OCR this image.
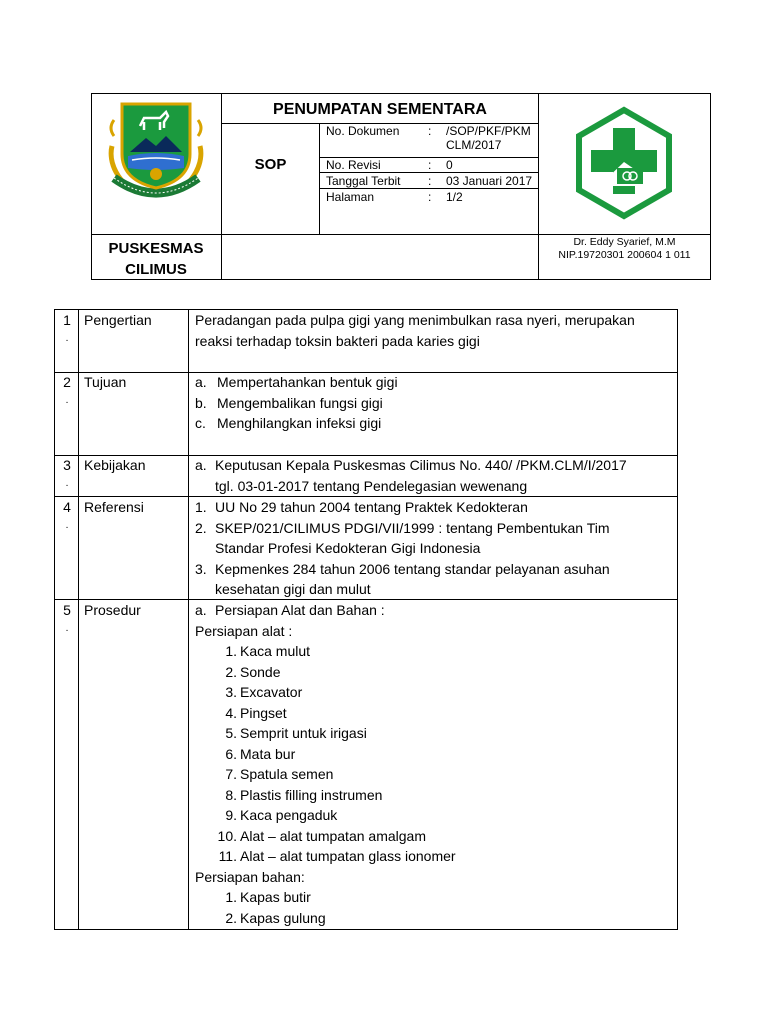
PENUMPATAN SEMENTARA
SOP
No. Dokumen : /SOP/PKF/PKM
CLM/2017
No. Revisi	: 0
Tanggal Terbit : 03 Januari 2017
Halaman	: 1/2
PUSKESMAS
CILIMUS
Dr. Eddy Syarief, M.M
NIP.19720301 200604 1 011
1
.
Pengertian	Peradangan pada pulpa gigi yang menimbulkan rasa nyeri, merupakan
reaksi terhadap toksin bakteri pada karies gigi
2
.
Tujuan	a. Mempertahankan bentuk gigi
b. Mengembalikan fungsi gigi
c. Menghilangkan infeksi gigi
3
.
Kebijakan	a. Keputusan Kepala Puskesmas Cilimus No. 440/ /PKM.CLM/I/2017
tgl. 03-01-2017 tentang Pendelegasian wewenang
4
.
Referensi	1. UU No 29 tahun 2004 tentang Praktek Kedokteran
2. SKEP/021/CILIMUS PDGI/VII/1999 : tentang Pembentukan Tim
Standar Profesi Kedokteran Gigi Indonesia
3. Kepmenkes 284 tahun 2006 tentang standar pelayanan asuhan
kesehatan gigi dan mulut
5
.
Prosedur	a. Persiapan Alat dan Bahan :
Persiapan alat :
1. Kaca mulut
2. Sonde
3. Excavator
4. Pingset
5. Semprit untuk irigasi
6. Mata bur
7. Spatula semen
8. Plastis filling instrumen
9. Kaca pengaduk
10. Alat – alat tumpatan amalgam
11. Alat – alat tumpatan glass ionomer
Persiapan bahan:
1. Kapas butir
2. Kapas gulung
